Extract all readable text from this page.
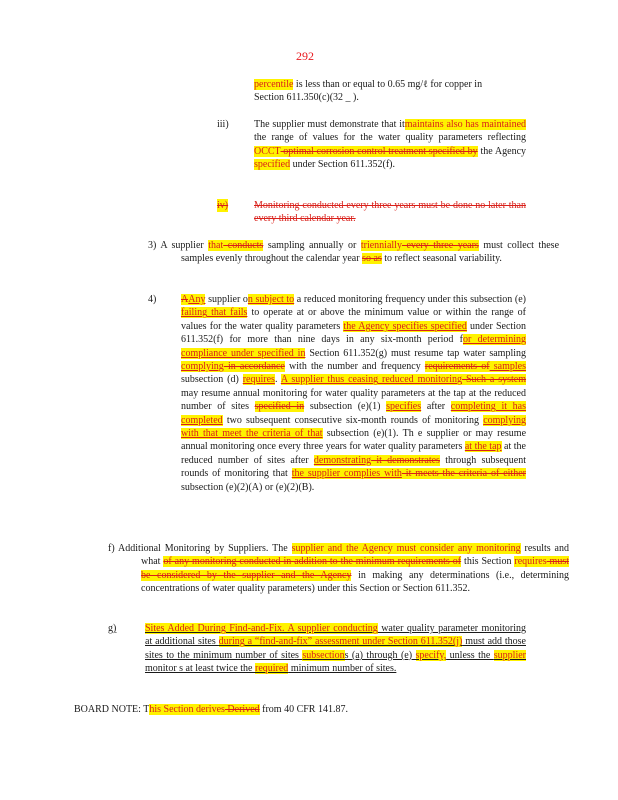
292

percentile is less than or equal to 0.65 mg/ℓ for copper in

Section 611.350(c)(32 _ ).

iii)	The supplier must demonstrate that itmaintains also has maintained the range of values for the water quality parameters reflecting OCCT optimal corrosion control treatment specified by the Agency specified under Section 611.352(f).
iv)	Monitoring conducted every three years must be done no later than every third calendar year.
3) A supplier that conducts sampling annually or triennially every three years must collect these samples evenly throughout the calendar year so as to reflect seasonal variability.
4) AAny supplier on subject to a reduced monitoring frequency under this subsection (e) failing that fails to operate at or above the minimum value or within the range of values for the water quality parameters the Agency specifies specified under Section 611.352(f) for more than nine days in any six-month period for determining compliance under specified in Section 611.352(g) must resume tap water sampling complying in accordance with the number and frequency requirements of samples subsection (d) requires. A supplier thus ceasing reduced monitoring Such a system may resume annual monitoring for water quality parameters at the tap at the reduced number of sites specified in subsection (e)(1) specifies after completing it has completed two subsequent consecutive six-month rounds of monitoring complying with that meet the criteria of that subsection (e)(1). Th e supplier or may resume annual monitoring once every three years for water quality parameters at the tap at the reduced number of sites after demonstrating it demonstrates through subsequent rounds of monitoring that the supplier complies with it meets the criteria of either subsection (e)(2)(A) or (e)(2)(B).
f) Additional Monitoring by Suppliers. The supplier and the Agency must consider any monitoring results and what of any monitoring conducted in addition to the minimum requirements of this Section requires must be considered by the supplier and the Agency in making any determinations (i.e., determining concentrations of water quality parameters) under this Section or Section 611.352.
g)	Sites Added During Find-and-Fix. A supplier conducting water quality parameter monitoring at additional sites during a “find-and-fix” assessment under Section 611.352(j) must add those sites to the minimum number of sites subsections (a) through (e) specify, unless the supplier monitor s at least twice the required minimum number of sites.
BOARD NOTE: This Section derives Derived from 40 CFR 141.87.
